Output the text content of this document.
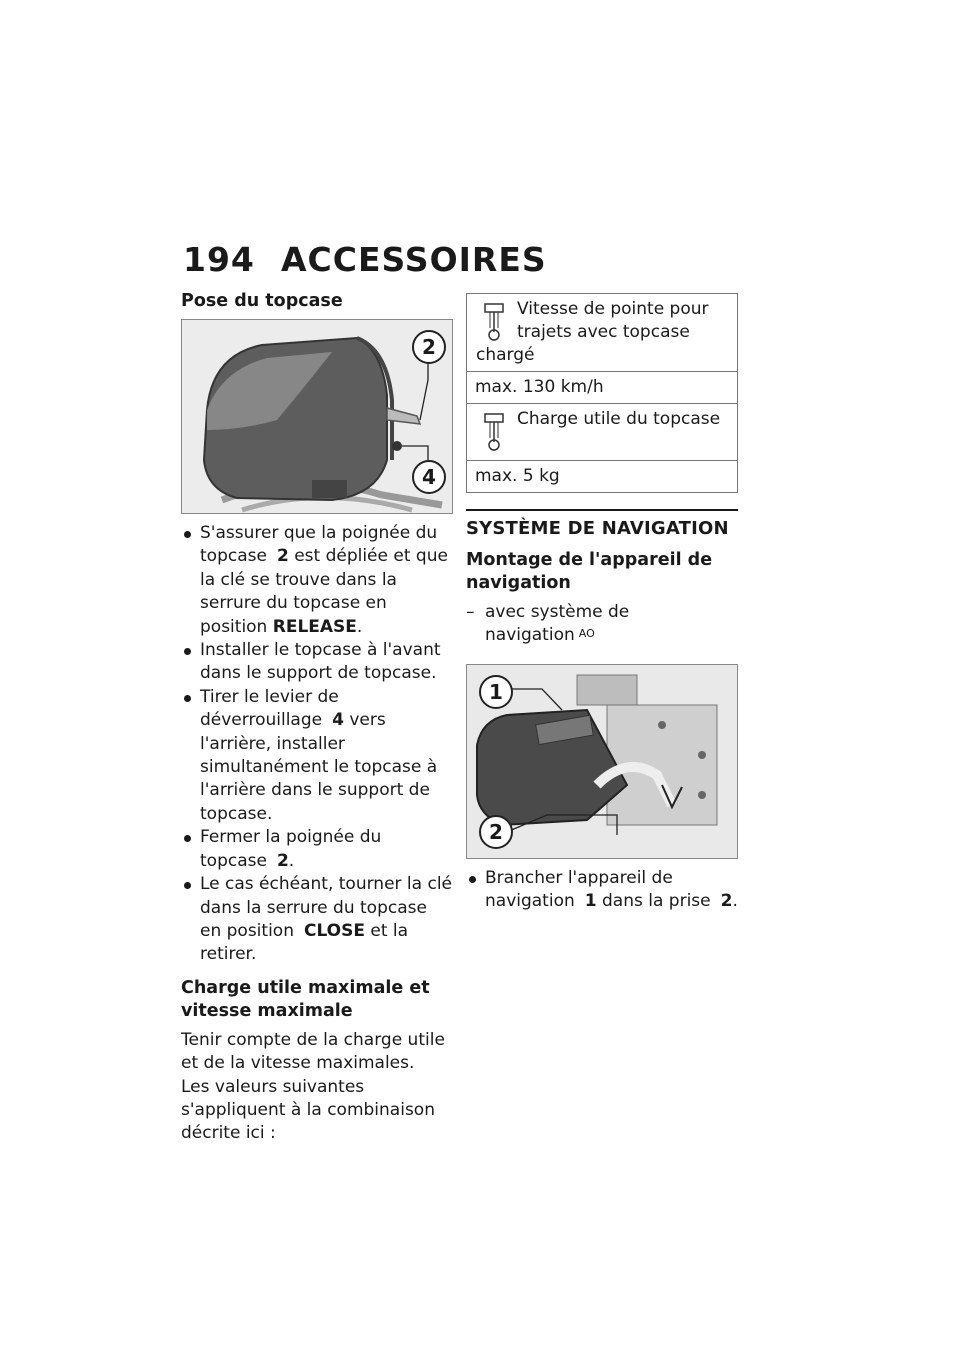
194 ACCESSOIRES
Pose du topcase
2
4
S'assurer que la poignée du topcase 2 est dépliée et que la clé se trouve dans la serrure du topcase en position RELEASE.
Installer le topcase à l'avant dans le support de topcase.
Tirer le levier de déverrouillage 4 vers l'arrière, installer simultanément le topcase à l'arrière dans le support de topcase.
Fermer la poignée du topcase 2.
Le cas échéant, tourner la clé dans la serrure du topcase en position CLOSE et la retirer.
Charge utile maximale et vitesse maximale

Tenir compte de la charge utile et de la vitesse maximales.

Les valeurs suivantes s'appliquent à la combinaison décrite ici :

Vitesse de pointe pour
trajets avec topcase
chargé
max. 130 km/h
Charge utile du topcase
max. 5 kg
SYSTÈME DE NAVIGATION
Montage de l'appareil de navigation
– avec système de navigation $^{AO}$
1
2
Brancher l'appareil de navigation 1 dans la prise 2.
